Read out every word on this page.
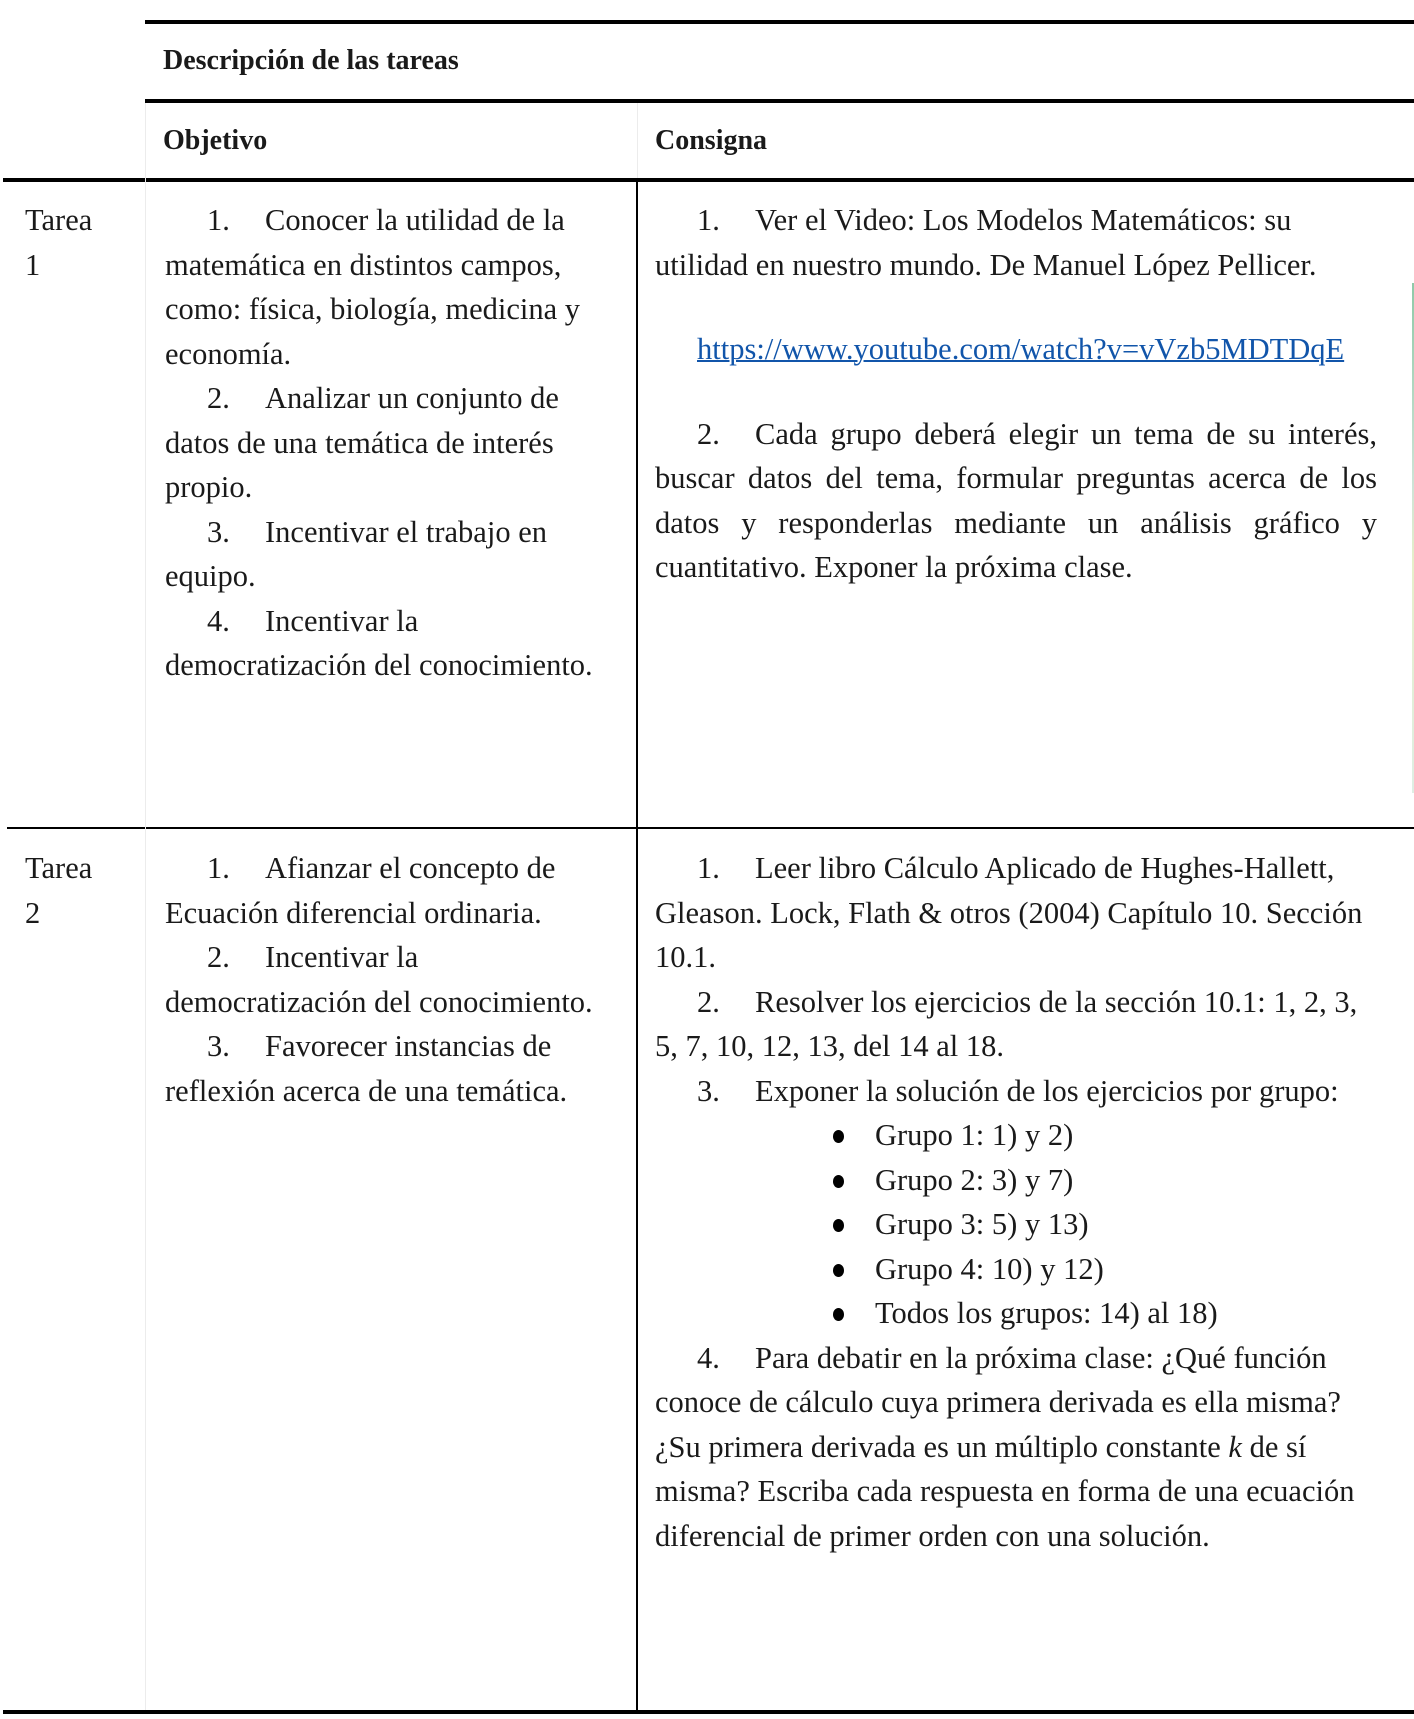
Descripción de las tareas
Objetivo	Consigna

Tarea

1

1. Conocer la utilidad de la matemática en distintos campos, como: física, biología, medicina y economía.

2. Analizar un conjunto de datos de una temática de interés propio.

3. Incentivar el trabajo en equipo.

4. Incentivar la democratización del conocimiento.

1. Ver el Video: Los Modelos Matemáticos: su utilidad en nuestro mundo. De Manuel López Pellicer.

https://www.youtube.com/watch?v=vVzb5MDTDqE

2. Cada grupo deberá elegir un tema de su interés, buscar datos del tema, formular preguntas acerca de los datos y responderlas mediante un análisis gráfico y cuantitativo. Exponer la próxima clase.

Tarea

2

1. Afianzar el concepto de Ecuación diferencial ordinaria.

2. Incentivar la democratización del conocimiento.

3. Favorecer instancias de reflexión acerca de una temática.

1. Leer libro Cálculo Aplicado de Hughes-Hallett, Gleason. Lock, Flath & otros (2004) Capítulo 10. Sección 10.1.

2. Resolver los ejercicios de la sección 10.1: 1, 2, 3, 5, 7, 10, 12, 13, del 14 al 18.

3. Exponer la solución de los ejercicios por grupo:

Grupo 1: 1) y 2)
Grupo 2: 3) y 7)
Grupo 3: 5) y 13)
Grupo 4: 10) y 12)
Todos los grupos: 14) al 18)

4. Para debatir en la próxima clase: ¿Qué función conoce de cálculo cuya primera derivada es ella misma? ¿Su primera derivada es un múltiplo constante k de sí misma? Escriba cada respuesta en forma de una ecuación diferencial de primer orden con una solución.
